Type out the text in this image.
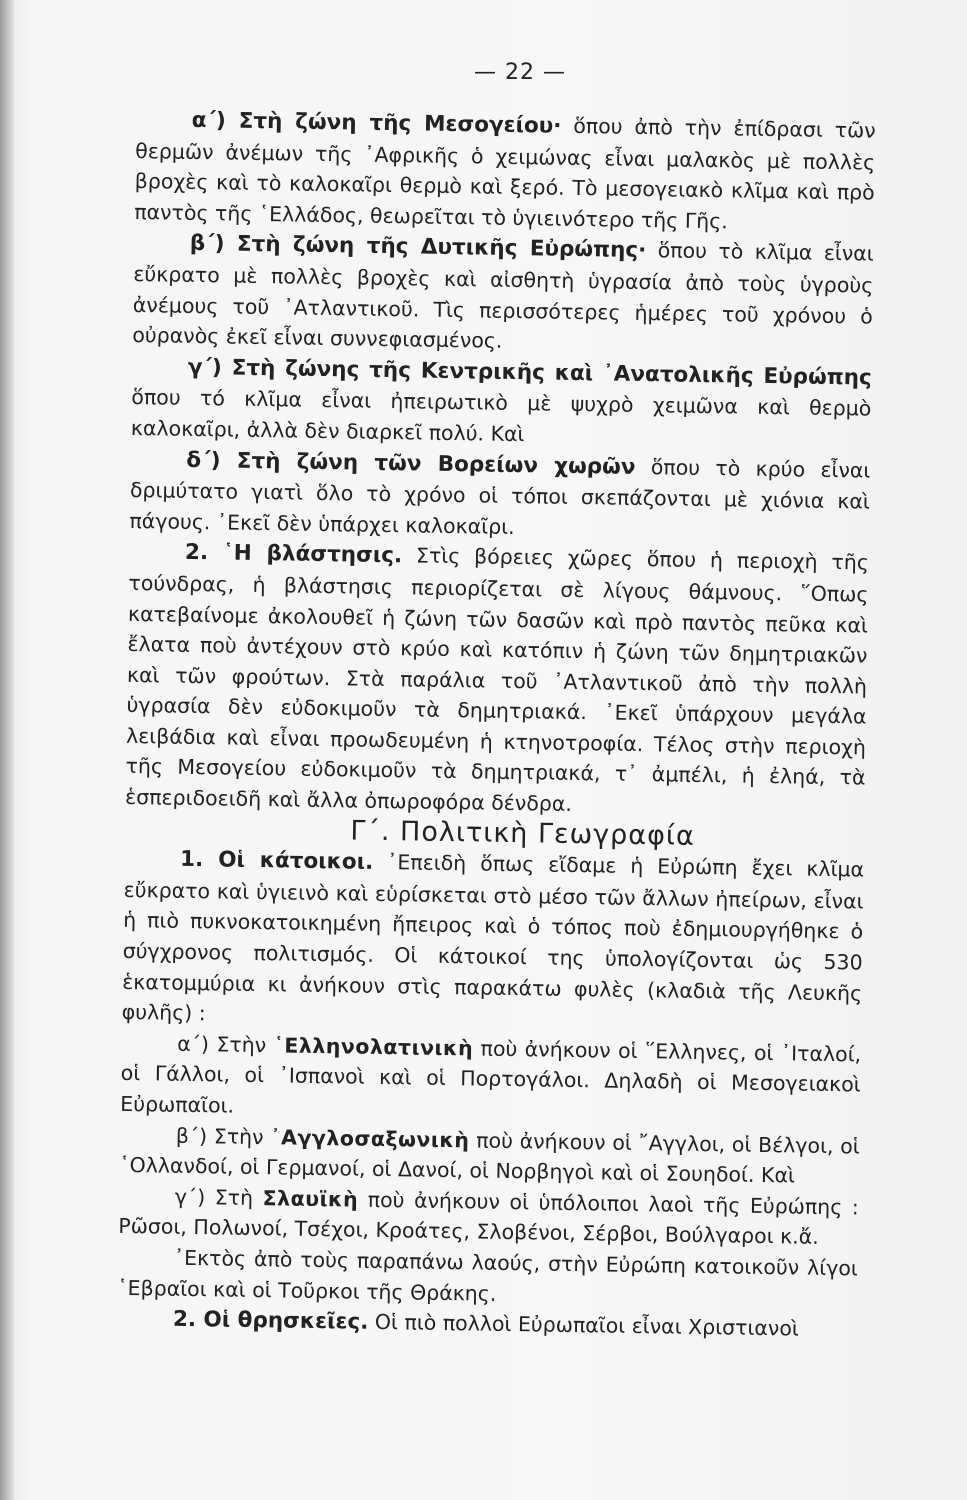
— 22 —

α΄) Στὴ ζώνη τῆς Μεσογείου· ὅπου ἀπὸ τὴν ἐπίδρασι τῶν θερμῶν ἀνέμων τῆς ᾿Αφρικῆς ὁ χειμώνας εἶναι μαλακὸς μὲ πολλὲς βροχὲς καὶ τὸ καλοκαῖρι θερμὸ καὶ ξερό. Τὸ μεσογειακὸ κλῖμα καὶ πρὸ παντὸς τῆς ῾Ελλάδος, θεωρεῖται τὸ ὑγιεινότερο τῆς Γῆς.

β΄) Στὴ ζώνη τῆς Δυτικῆς Εὐρώπης· ὅπου τὸ κλῖμα εἶναι εὔκρατο μὲ πολλὲς βροχὲς καὶ αἰσθητὴ ὑγρασία ἀπὸ τοὺς ὑγροὺς ἀνέμους τοῦ ᾿Ατλαντικοῦ. Τὶς περισσότερες ἡμέρες τοῦ χρόνου ὁ οὐρανὸς ἐκεῖ εἶναι συννεφιασμένος.

γ΄) Στὴ ζώνης τῆς Κεντρικῆς καὶ ᾿Ανατολικῆς Εὐρώπης ὅπου τό κλῖμα εἶναι ἠπειρωτικὸ μὲ ψυχρὸ χειμῶνα καὶ θερμὸ καλοκαῖρι, ἀλλὰ δὲν διαρκεῖ πολύ. Καὶ

δ΄) Στὴ ζώνη τῶν Βορείων χωρῶν ὅπου τὸ κρύο εἶναι δριμύτατο γιατὶ ὅλο τὸ χρόνο οἱ τόποι σκεπάζονται μὲ χιόνια καὶ πάγους. ᾿Εκεῖ δὲν ὑπάρχει καλοκαῖρι.

2. ῾Η βλάστησις. Στὶς βόρειες χῶρες ὅπου ἡ περιοχὴ τῆς τούνδρας, ἡ βλάστησις περιορίζεται σὲ λίγους θάμνους. ῞Οπως κατεβαίνομε ἀκολουθεῖ ἡ ζώνη τῶν δασῶν καὶ πρὸ παντὸς πεῦκα καὶ ἔλατα ποὺ ἀντέχουν στὸ κρύο καὶ κατόπιν ἡ ζώνη τῶν δημητριακῶν καὶ τῶν φρούτων. Στὰ παράλια τοῦ ᾿Ατλαντικοῦ ἀπὸ τὴν πολλὴ ὑγρασία δὲν εὐδοκιμοῦν τὰ δημητριακά. ᾿Εκεῖ ὑπάρχουν μεγάλα λειβάδια καὶ εἶναι προωδευμένη ἡ κτηνοτροφία. Τέλος στὴν περιοχὴ τῆς Μεσογείου εὐδοκιμοῦν τὰ δημητριακά, τ᾿ ἀμπέλι, ἡ ἐληά, τὰ ἑσπεριδοειδῆ καὶ ἄλλα ὀπωροφόρα δένδρα.

Γ΄. Πολιτικὴ Γεωγραφία

1. Οἱ κάτοικοι. ᾿Επειδὴ ὅπως εἴδαμε ἡ Εὐρώπη ἔχει κλῖμα εὔκρατο καὶ ὑγιεινὸ καὶ εὑρίσκεται στὸ μέσο τῶν ἄλλων ἠπείρων, εἶναι ἡ πιὸ πυκνοκατοικημένη ἤπειρος καὶ ὁ τόπος ποὺ ἐδημιουργήθηκε ὁ σύγχρονος πολιτισμός. Οἱ κάτοικοί της ὑπολογίζονται ὡς 530 ἑκατομμύρια κι ἀνήκουν στὶς παρακάτω φυλὲς (κλαδιὰ τῆς Λευκῆς φυλῆς) :

α΄) Στὴν ῾Ελληνολατινικὴ ποὺ ἀνήκουν οἱ ῞Ελληνες, οἱ ᾿Ιταλοί, οἱ Γάλλοι, οἱ ᾿Ισπανοὶ καὶ οἱ Πορτογάλοι. Δηλαδὴ οἱ Μεσογειακοὶ Εὐρωπαῖοι.

β΄) Στὴν ᾿Αγγλοσαξωνικὴ ποὺ ἀνήκουν οἱ ῎Αγγλοι, οἱ Βέλγοι, οἱ ῾Ολλανδοί, οἱ Γερμανοί, οἱ Δανοί, οἱ Νορβηγοὶ καὶ οἱ Σουηδοί. Καὶ

γ΄) Στὴ Σλαυϊκὴ ποὺ ἀνήκουν οἱ ὑπόλοιποι λαοὶ τῆς Εὐρώπης : Ρῶσοι, Πολωνοί, Τσέχοι, Κροάτες, Σλοβένοι, Σέρβοι, Βούλγαροι κ.ἄ.

᾿Εκτὸς ἀπὸ τοὺς παραπάνω λαούς, στὴν Εὐρώπη κατοικοῦν λίγοι ῾Εβραῖοι καὶ οἱ Τοῦρκοι τῆς Θράκης.

2. Οἱ θρησκεῖες. Οἱ πιὸ πολλοὶ Εὐρωπαῖοι εἶναι Χριστιανοὶ
